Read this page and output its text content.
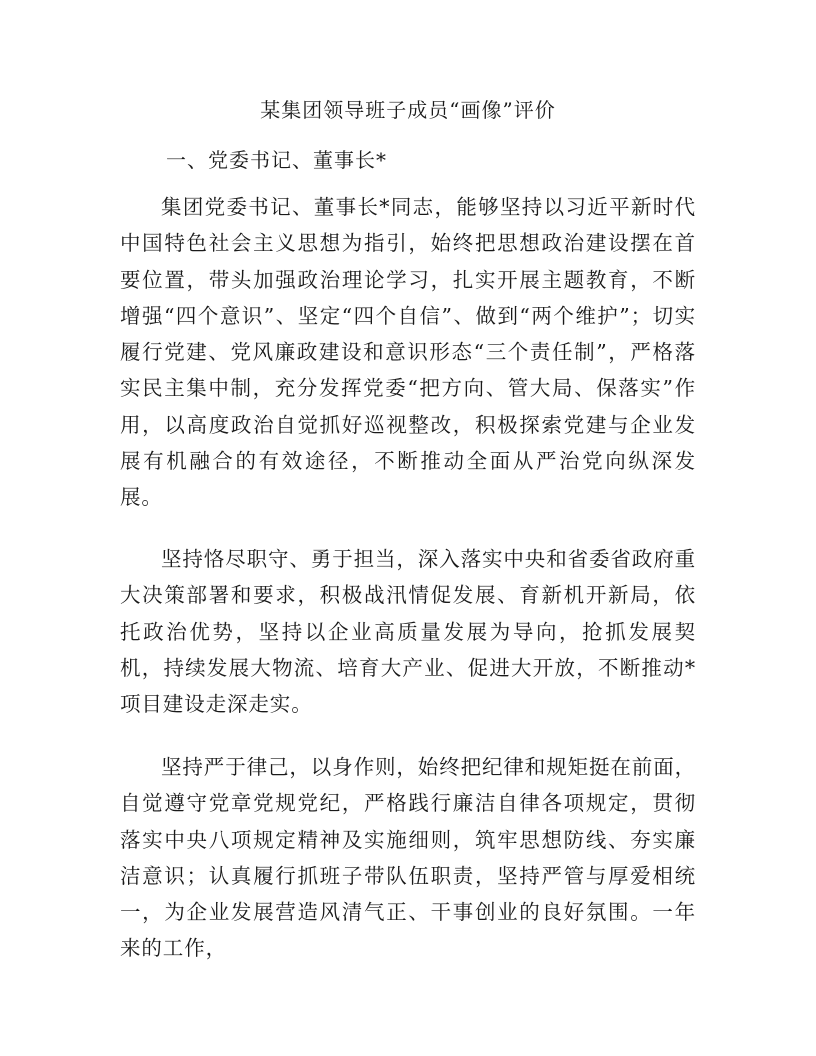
某集团领导班子成员“画像”评价
一、党委书记、董事长*

集团党委书记、董事长*同志，能够坚持以习近平新时代中国特色社会主义思想为指引，始终把思想政治建设摆在首要位置，带头加强政治理论学习，扎实开展主题教育，不断增强“四个意识”、坚定“四个自信”、做到“两个维护”；切实履行党建、党风廉政建设和意识形态“三个责任制”，严格落实民主集中制，充分发挥党委“把方向、管大局、保落实”作用，以高度政治自觉抓好巡视整改，积极探索党建与企业发展有机融合的有效途径，不断推动全面从严治党向纵深发展。

坚持恪尽职守、勇于担当，深入落实中央和省委省政府重大决策部署和要求，积极战汛情促发展、育新机开新局，依托政治优势，坚持以企业高质量发展为导向，抢抓发展契机，持续发展大物流、培育大产业、促进大开放，不断推动*项目建设走深走实。

坚持严于律己，以身作则，始终把纪律和规矩挺在前面，自觉遵守党章党规党纪，严格践行廉洁自律各项规定，贯彻落实中央八项规定精神及实施细则，筑牢思想防线、夯实廉洁意识；认真履行抓班子带队伍职责，坚持严管与厚爱相统一，为企业发展营造风清气正、干事创业的良好氛围。一年来的工作，
